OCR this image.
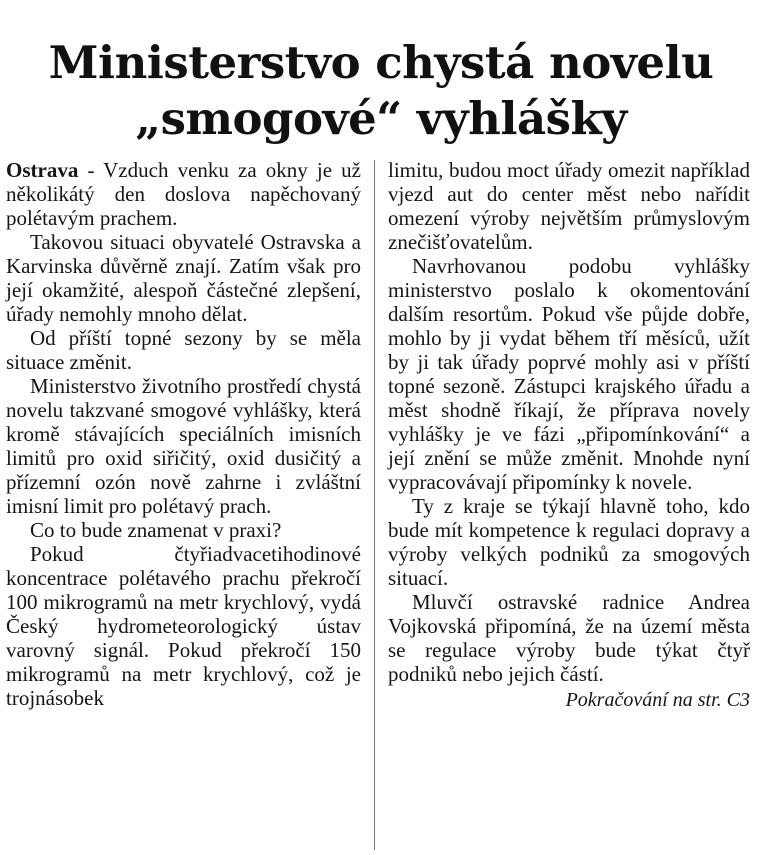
Ministerstvo chystá novelu
„smogové“ vyhlášky

Ostrava - Vzduch venku za okny je už několikátý den doslova napěchovaný polétavým prachem.

Takovou situaci obyvatelé Ostravska a Karvinska důvěrně znají. Zatím však pro její okamžité, alespoň částečné zlepšení, úřady nemohly mnoho dělat.

Od příští topné sezony by se měla situace změnit.

Ministerstvo životního prostředí chystá novelu takzvané smogové vyhlášky, která kromě stávajících speciálních imisních limitů pro oxid siřičitý, oxid dusičitý a přízemní ozón nově zahrne i zvláštní imisní limit pro polétavý prach.

Co to bude znamenat v praxi?

Pokud čtyřiadvacetihodinové koncentrace polétavého prachu překročí 100 mikrogramů na metr krychlový, vydá Český hydrometeorologický ústav varovný signál. Pokud překročí 150 mikrogramů na metr krychlový, což je trojnásobek

limitu, budou moct úřady omezit například vjezd aut do center měst nebo nařídit omezení výroby největším průmyslovým znečišťovatelům.

Navrhovanou podobu vyhlášky ministerstvo poslalo k okomentování dalším resortům. Pokud vše půjde dobře, mohlo by ji vydat během tří měsíců, užít by ji tak úřady poprvé mohly asi v příští topné sezoně. Zástupci krajského úřadu a měst shodně říkají, že příprava novely vyhlášky je ve fázi „připomínkování“ a její znění se může změnit. Mnohde nyní vypracovávají připomínky k novele.

Ty z kraje se týkají hlavně toho, kdo bude mít kompetence k regulaci dopravy a výroby velkých podniků za smogových situací.

Mluvčí ostravské radnice Andrea Vojkovská připomíná, že na území města se regulace výroby bude týkat čtyř podniků nebo jejich částí.

Pokračování na str. C3
